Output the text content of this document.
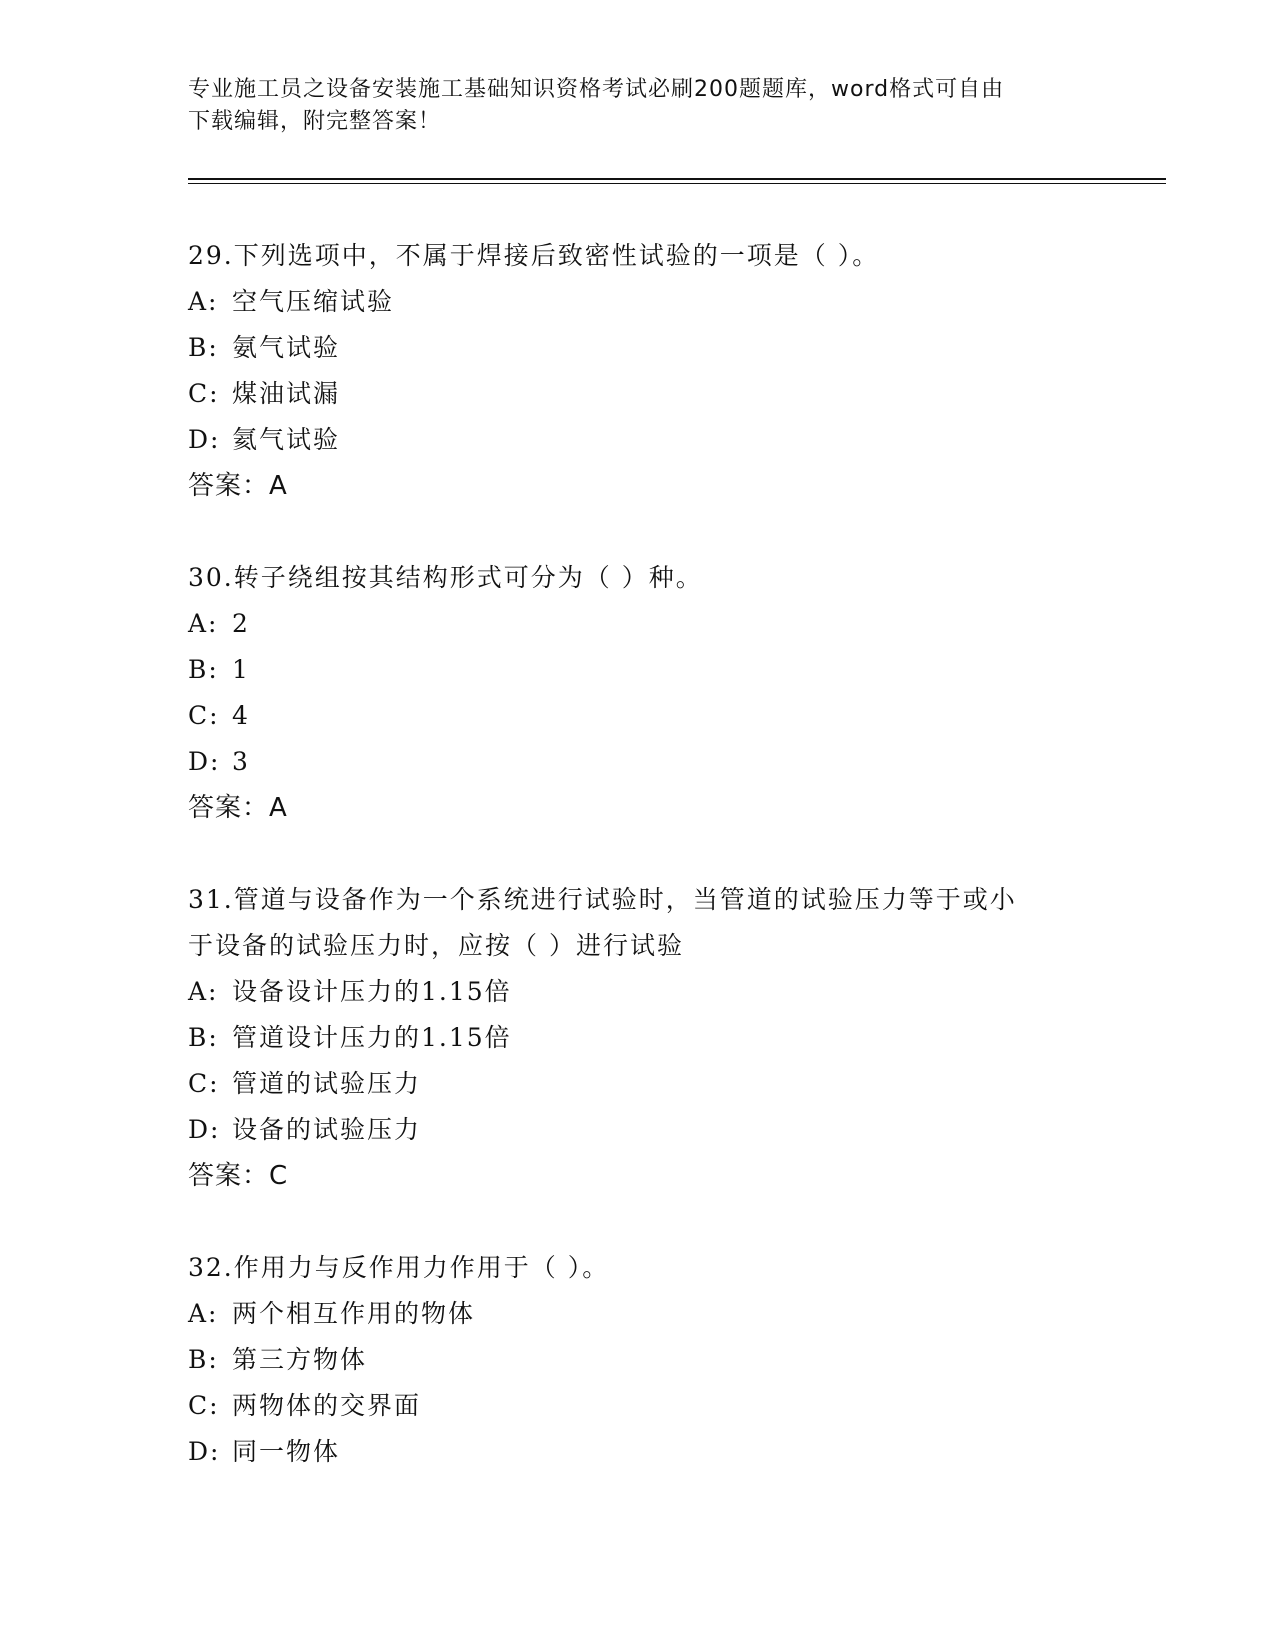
专业施工员之设备安装施工基础知识资格考试必刷200题题库，word格式可自由
下载编辑，附完整答案！
29.下列选项中，不属于焊接后致密性试验的一项是（ ）。
A: 空气压缩试验
B: 氨气试验
C: 煤油试漏
D: 氦气试验
答案：A
30.转子绕组按其结构形式可分为（ ）种。
A: 2
B: 1
C: 4
D: 3
答案：A
31.管道与设备作为一个系统进行试验时，当管道的试验压力等于或小
于设备的试验压力时，应按（ ）进行试验
A: 设备设计压力的1.15倍
B: 管道设计压力的1.15倍
C: 管道的试验压力
D: 设备的试验压力
答案：C
32.作用力与反作用力作用于（ ）。
A: 两个相互作用的物体
B: 第三方物体
C: 两物体的交界面
D: 同一物体
